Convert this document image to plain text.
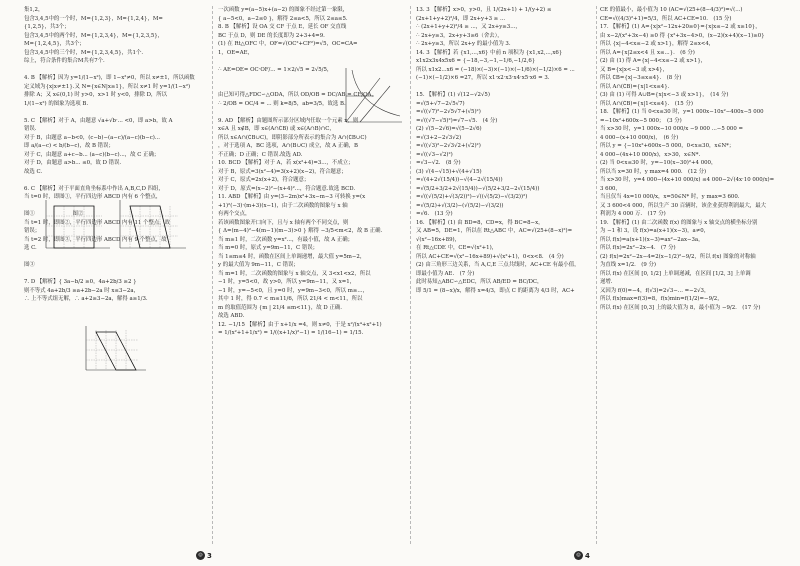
集1,2，
包含3,4,5中的一个时，M={1,2,3}，M={1,2,4}，M=
{1,2,5}，共3个；
包含3,4,5中的两个时，M={1,2,3,4}，M={1,2,3,5}，
M={1,2,4,5}，共3个；
包含3,4,5中的三个时，M={1,2,3,4,5}，共1个.
综上，符合条件的集合M共有7个.
4. B 【解析】因为 y=1/(1−x²)，即 1−x²≠0，所以 x≠±1，所以函数
定义域为{x|x≠±1}.又 N={x∈N|x≥1}，所以 x≠1 时 y=1/(1−x²)
排除 A；又 x∈(0,1) 时 y>0，x>1 时 y<0，排除 D，所以
1/(1−x²) 的图象为选项 B.
5. C 【解析】对于 A，由题意 √a+√b·... <0，即 a>b，故 A
错误.
对于 B，由题意 a−b<0，(c−b)−(a−c)/(a−c)(b−c)...
即 a/(a−c) < b/(b−c)，故 B 错误；
对于 C，由题意 a+c−b... (a−c)(b−c)...，故 C 正确；
对于 D，由题意 a>b... ≤0，故 D 错误.
故选 C.
6. C 【解析】对于平面直角坐标系中作出 A,B,C,D 四组，
当 t=0 时，即图①，平行四边形 ABCD 内有 6 个整点，
图①　　　　　　　图②
当 t=1 时，即图②，平行四边形 ABCD 内有 11 个整点，故
错误；
当 t=2 时，即图③，平行四边形 ABCD 内有 9 个整点，故
选 C.
图③
7. D 【解析】{ 3a−b/2 ≥0，4a+2b/3 ≥2 }
则不等式 4a+2b/3 ≥a+2b−2a 时 x≤3−2a，
∴ 上不等式组无解，∴ a+2≥3−2a，解得 a≥1/3.
一次函数 y=(a−5)x+(a−2) 的图象不经过第一象限，
{ a−5<0，a−2≤0 }，解得 2≤a<5，所以 2≤a≤5.
8. B 【解析】设 OA 交 CF 于点 E，延长 OF 交直线
BC 于点 D，则 DE 的长度即为 2+3+4=9.
(1) 在 Rt△OFC 中，OF=√(OC²+CF²)=√5，OC=CA=
1，OE=AE，
∴ AE=OE= OC·OF/... = 1×2/√5 = 2√5/5，
由已知可得△FDC∽△ODA，所以 OD/OB = DC/AB = CF/OA，
∴ 2/OB = OC/4 = ... 则 k=8/5，ab=3/5，故选 B.
9. AD 【解析】由题图所示部分区域内任取一个元素 x，则
x∈A 且 x∉B，即 x∈(A∩∁B) 或 x∈(A∩B)∩C，
所以 x∈A∩(∁B∪C)，即阴影部分所表示的集合为 A∩(∁B∪C)
，对于选项 A，BC 选项，A∩(B∪C) 成立，故 A 正确，B
不正确；D 正确；C 错误.故选 AD.
10. BCD 【解析】对于 A，若 x(x²+4)=3...，不成立；
对于 B，原式=3(x²−4)=3(x+2)(x−2)，符合题意；
对于 C，原式=2x(x+2)，符合题意；
对于 D，原式=(x−2)²−(x+4)²...，符合题意.故选 BCD.
11. ABD 【解析】由 y=(3−2m)x²+3x−m−3 可转换 y=(x
+1)²(−3)·(m+3)(x−1)，由于二次函数的图象与 x 轴
有两个交点，
若该函数图象开口向下，且与 x 轴有两个不同交点，则
{ Δ=(m−4)²−4(m−1)(m−3)>0 } 解得 −3/5<m<2，故 B 正确.
当 m≥1 时，二次函数 y=x²...，有最小值，故 A 正确；
当 m=0 时，原式 y=9m−11，C 错误；
当 1≤m≤4 时，函数在区间上单调递增，最大值 y=5m−2，
y 的最大值为 9m−11，C 错误；
当 m=1 时，二次函数的图象与 x 轴交点，又 3<x1<x2，所以
−1 时，y=5<0，故 y>0，所以 y=9m−11，又 x=1，
−1 时，y=−5<0，且 y=0 时，y=9m−3<0，所以 m≥...，
其中 1 时，得 0.7 < m≤11/6，所以 21/4 < m<11，所以
m 的取值范围为 {m | 21/4 ≤m<11}，故 D 正确.
故选 ABD.
12. −1/15 【解析】由于 x+1/x =4，则 x≠0，于是 x²/(x⁴+x²+1)
= 1/(x²+1+1/x²) = 1/((x+1/x)²−1) = 1/(16−1) = 1/15.
13. 3 【解析】x>0，y>0，且 1/(2x+1) + 1/(y+2) ≤
(2x+1+y+2)²/4，即 2x+y+3 ≥ ...
∴ (2x+1+y+2)²/4 ≥ ...，又 2x+y≥3...，
∴ 2x+y≥3，2x+y+3≥6（舍去），
∴ 2x+y≥3，所以 2x+y 的最小值为 3.
14. 3 【解析】若 {x1,...,x6} 中前 n 项积为 {x1,x2,...,x6}
x1x2x3x4x5x6 = {−18,−3,−1,−1/6,−1/2,6}
所以 x1x2...x6 = (−18)×(−3)×(−1)×(−1/6)×(−1/2)×6 = ...
(−1)×(−1/2)×6 =27，所以 x1·x2·x3·x4·x5·x6 = 3.
15. 【解析】(1) √(12−√2√5)
=√(5+√7−2√5√7)
=√((√7)²−2√5√7+(√5)²)
=√((√7−√5)²)=√7−√5.　(4 分)
(2) √(5−2√6)=√(5−2√6)
=√(3+2−2√3√2)
=√((√3)²−2√3√2+(√2)²)
=√((√3−√2)²)
=√3−√2.　(8 分)
(3) √(4−√15)+√(4+√15)
=√(4+2√(15/4))−√(4−2√(15/4))
=√(5/2+3/2+2√(15/4))−√(5/2+3/2−2√(15/4))
=√((√(5/2)+√(3/2))²)−√((√(5/2)−√(3/2))²)
=√(5/2)+√(3/2)−(√(5/2)−√(3/2))
=√6.　(13 分)
16. 【解析】(1) 由 BD=8，CD=x，得 BC=8−x，
又 AB=5，DE=1，所以在 Rt△ABC 中，AC=√(25+(8−x)²)=
√(x²−16x+89)，
在 Rt△CDE 中，CE=√(x²+1)，
所以 AC+CE=√(x²−16x+89)+√(x²+1)，0<x<8.　(4 分)
(2) 由三角形三边关系，当 A,C,E 三点共线时，AC+CE 有最小值，
即最小值为 AE.　(7 分)
此时易知△ABC∽△EDC，所以 AB/ED = BC/DC，
即 5/1 = (8−x)/x，解得 x=4/3，即点 C 的距离为 4/3 时，AC+
CE 的值最小，最小值为 10 (AC=√(25+(8−4/3)²)=√(...)
CE=√((4/3)²+1)=5/3，所以 AC+CE=10.　(15 分)
17. 【解析】(1) A={x|x²−12x+20≥0}={x|x≤−2 或 x≥10}，
由 x−2/(x²+3x−4) ≥0 得 {x²+3x−4>0，(x−2)(x+4)(x−1)≥0}
所以 {x|−4<x≤−2 或 x>1}，解得 2≤x<4，
所以 A={x|2≤x<4 且 x≤...}.　(6 分)
(2) 由 (1) 得 A={x|−4<x≤−2 或 x>1}，
又 B={x|x<−3 或 x>4}，
所以 ∁B={x|−3≤x≤4}.　(8 分)
所以 A∩(∁B)={x|1<x≤4}.
(3) 由 (1) 可得 A∪B={x|x<−3 或 x>1}，　(14 分)
所以 A∩(∁B)={x|1<x≤4}.　(15 分)
18. 【解析】(1) 当 0<x≤30 时，y=1 000x−10x²−400x−5 000
=−10x²+600x−5 000；　(3 分)
当 x>30 时，y=1 000x−10 000/x −9 000 ...−5 000 =
4 000−(x+10 000/x)，　(6 分)
所以 y = {−10x²+600x−5 000，0<x≤30，x∈N*；
4 000−(4x+10 000/x)，x>30，x∈N*.
(2) 当 0<x≤30 时，y=−10(x−30)²+4 000，
所以当 x=30 时，y max=4 000.　(12 分)
当 x>30 时，y=4 000−(4x+10 000/x) ≤4 000−2√(4x·10 000/x)=
3 600，
当且仅当 4x=10 000/x，x=50∈N* 时，y max=3 600.
又 3 600<4 000，所以生产 30 百辆时，该企业获得利润最大，最大
利润为 4 000 万.　(17 分)
19. 【解析】(1) 由二次函数 f(x) 的图象与 x 轴交点的横坐标分别
为 −1 和 3，设 f(x)=a(x+1)(x−3)，a≠0，
所以 f(x)=a(x+1)(x−3)=ax²−2ax−3a，
所以 f(x)=2x²−2x−4.　(7 分)
(2) f(x)=2x²−2x−4=2(x−1/2)²−9/2，所以 f(x) 图象的对称轴
为直线 x=1/2.　(9 分)
所以 f(x) 在区间 [0, 1/2] 上单调递减，在区间 [1/2, 3] 上单调
递增.
又因为 f(0)=−4，f(√3)=2√3−... =−2√3，
所以 f(x)max=f(3)=8，f(x)min=f(1/2)=−9/2，
所以 f(x) 在区间 [0,3] 上的最大值为 8，最小值为 −9/2.　(17 分)
◎ 3	◎ 4
